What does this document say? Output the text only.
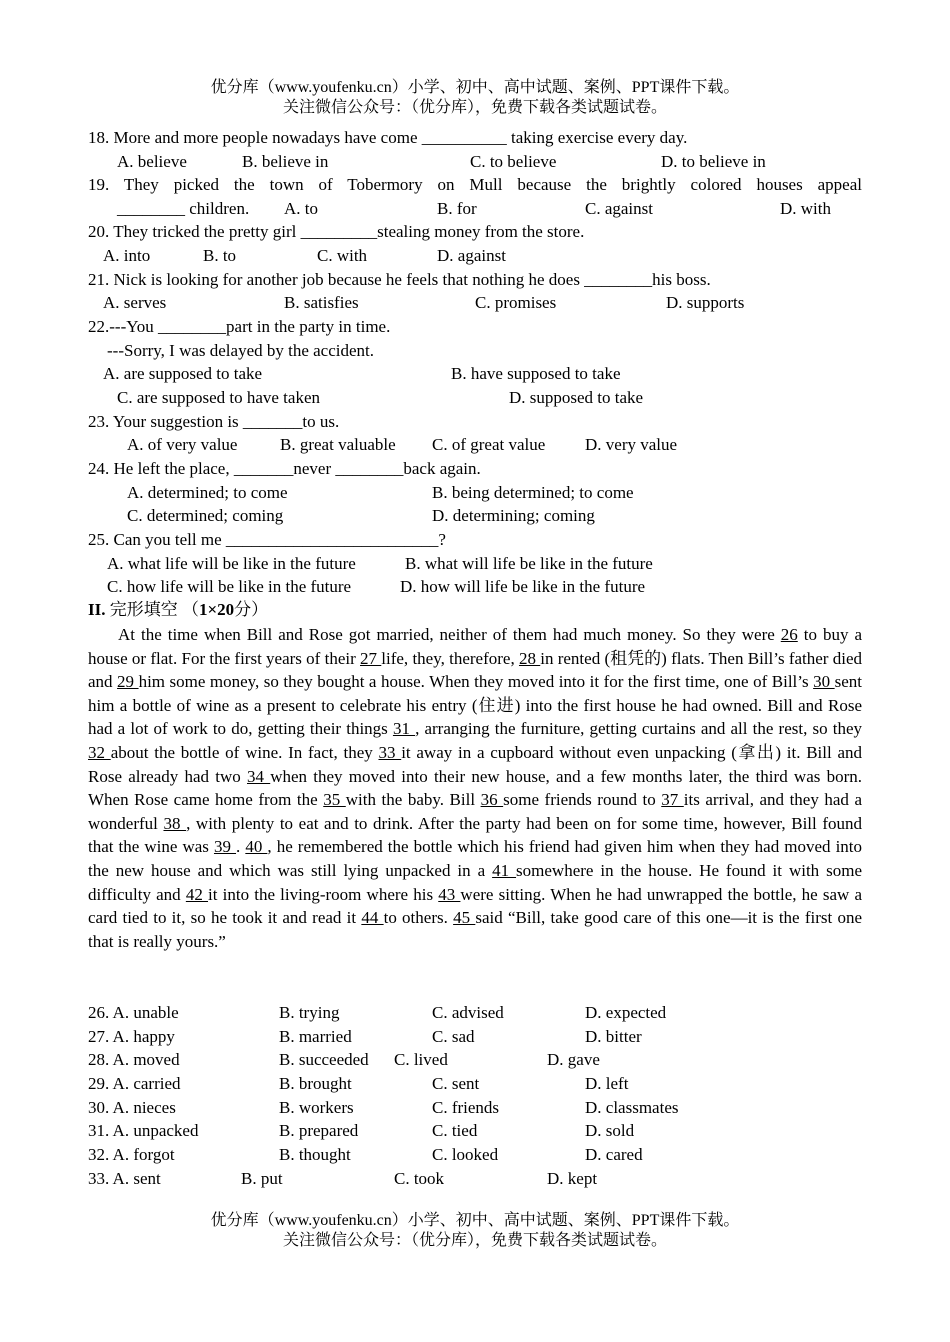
优分库（www.youfenku.cn）小学、初中、高中试题、案例、PPT课件下载。
关注微信公众号：（优分库），免费下载各类试题试卷。
18. More and more people nowadays have come __________ taking exercise every day.
A. believe	B. believe in	C. to believe	D. to believe in
19. They picked the town of Tobermory on Mull because the brightly colored houses appeal
________ children. A. to	B. for	C. against	D. with
20. They tricked the pretty girl _________stealing money from the store.
A. into	B. to	C. with	D. against
21. Nick is looking for another job because he feels that nothing he does ________his boss.
A. serves	B. satisfies	C. promises	D. supports
22.---You ________part in the party in time.
---Sorry, I was delayed by the accident.
A. are supposed to take	B. have supposed to take
C. are supposed to have taken	D. supposed to take
23. Your suggestion is _______to us.
A. of very value	B. great valuable C. of great value D. very value
24. He left the place, _______never ________back again.
A. determined; to come	B. being determined; to come
C. determined; coming	D. determining; coming
25. Can you tell me _________________________?
A. what life will be like in the future	B. what will life be like in the future
C. how life will be like in the future	D. how will life be like in the future
II. 完形填空 （1×20分）
At the time when Bill and Rose got married, neither of them had much money. So they were 26 to buy a house or flat. For the first years of their 27 life, they, therefore, 28 in rented (租凭的) flats. Then Bill’s father died and 29 him some money, so they bought a house. When they moved into it for the first time, one of Bill’s 30 sent him a bottle of wine as a present to celebrate his entry (住进) into the first house he had owned. Bill and Rose had a lot of work to do, getting their things 31 , arranging the furniture, getting curtains and all the rest, so they 32 about the bottle of wine. In fact, they 33 it away in a cupboard without even unpacking (拿出) it. Bill and Rose already had two 34 when they moved into their new house, and a few months later, the third was born. When Rose came home from the 35 with the baby. Bill 36 some friends round to 37 its arrival, and they had a wonderful 38 , with plenty to eat and to drink. After the party had been on for some time, however, Bill found that the wine was 39 . 40 , he remembered the bottle which his friend had given him when they had moved into the new house and which was still lying unpacked in a 41 somewhere in the house. He found it with some difficulty and 42 it into the living-room where his 43 were sitting. When he had unwrapped the bottle, he saw a card tied to it, so he took it and read it 44 to others. 45 said “Bill, take good care of this one—it is the first one that is really yours.”
26. A. unable	B. trying	C. advised	D. expected
27. A. happy	B. married	C. sad	D. bitter
28. A. moved	B. succeeded C. lived	D. gave
29. A. carried	B. brought	C. sent	D. left
30. A. nieces	B. workers	C. friends	D. classmates
31. A. unpacked	B. prepared	C. tied	D. sold
32. A. forgot	B. thought	C. looked	D. cared
33. A. sent	B. put	C. took	D. kept
优分库（www.youfenku.cn）小学、初中、高中试题、案例、PPT课件下载。
关注微信公众号：（优分库），免费下载各类试题试卷。
